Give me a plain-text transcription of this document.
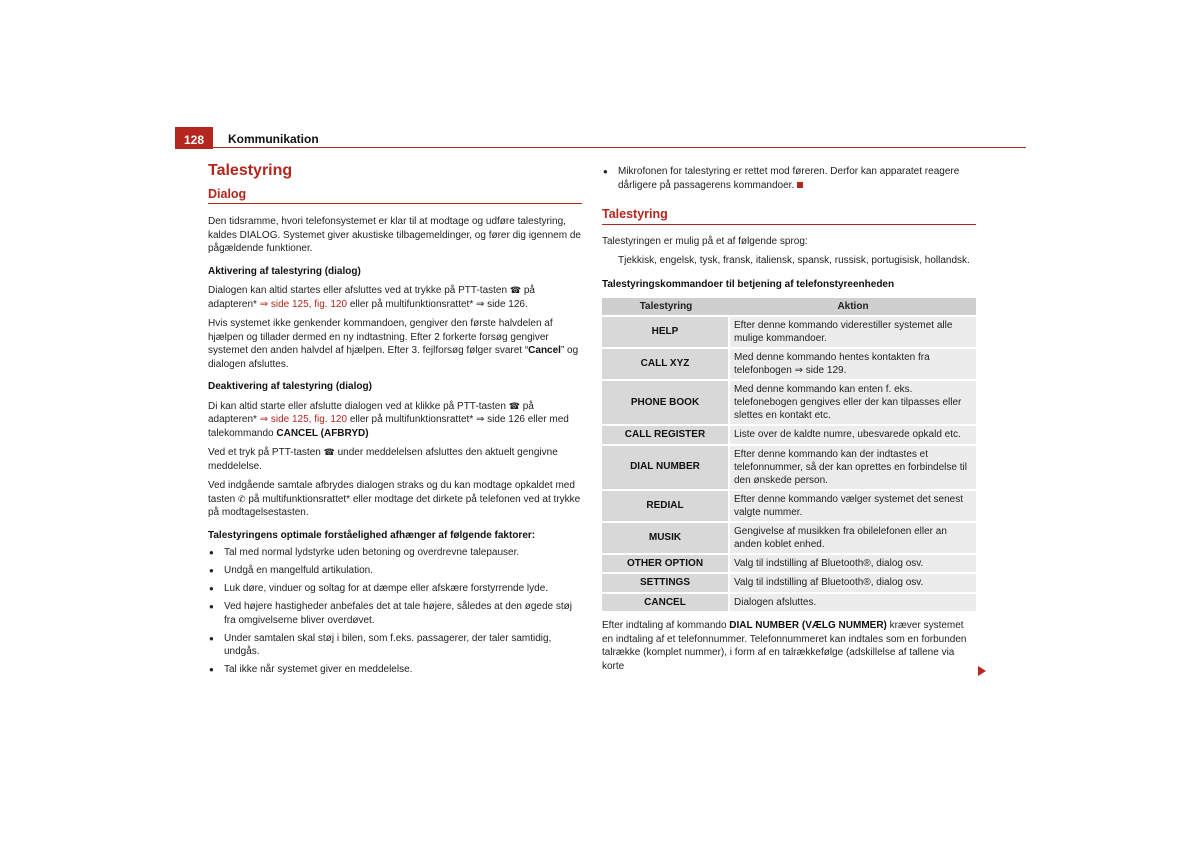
128	Kommunikation
Talestyring
Dialog

Den tidsramme, hvori telefonsystemet er klar til at modtage og udføre talestyring, kaldes DIALOG. Systemet giver akustiske tilbagemeldinger, og fører dig igennem de pågældende funktioner.

Aktivering af talestyring (dialog)

Dialogen kan altid startes eller afsluttes ved at trykke på PTT-tasten ☎ på adapteren* ⇒ side 125, fig. 120 eller på multifunktionsrattet* ⇒ side 126.

Hvis systemet ikke genkender kommandoen, gengiver den første halvdelen af hjælpen og tillader dermed en ny indtastning. Efter 2 forkerte forsøg gengiver systemet den anden halvdel af hjælpen. Efter 3. fejlforsøg følger svaret “Cancel” og dialogen afsluttes.

Deaktivering af talestyring (dialog)

Di kan altid starte eller afslutte dialogen ved at klikke på PTT-tasten ☎ på adapteren* ⇒ side 125, fig. 120 eller på multifunktionsrattet* ⇒ side 126 eller med talekommando CANCEL (AFBRYD)

Ved et tryk på PTT-tasten ☎ under meddelelsen afsluttes den aktuelt gengivne meddelelse.

Ved indgående samtale afbrydes dialogen straks og du kan modtage opkaldet med tasten ✆ på multifunktionsrattet* eller modtage det dirkete på telefonen ved at trykke på modtagelsestasten.

Talestyringens optimale forståelighed afhænger af følgende faktorer:

● Tal med normal lydstyrke uden betoning og overdrevne talepauser.
● Undgå en mangelfuld artikulation.
● Luk døre, vinduer og soltag for at dæmpe eller afskære forstyrrende lyde.
● Ved højere hastigheder anbefales det at tale højere, således at den øgede støj fra omgivelserne bliver overdøvet.
● Under samtalen skal støj i bilen, som f.eks. passagerer, der taler samtidig, undgås.
● Tal ikke når systemet giver en meddelelse.
● Mikrofonen for talestyring er rettet mod føreren. Derfor kan apparatet reagere dårligere på passagerens kommandoer.
Talestyring

Talestyringen er mulig på et af følgende sprog:

Tjekkisk, engelsk, tysk, fransk, italiensk, spansk, russisk, portugisisk, hollandsk.

Talestyringskommandoer til betjening af telefonstyreenheden

Talestyring	Aktion
HELP	Efter denne kommando viderestiller systemet alle mulige kommandoer.
CALL XYZ	Med denne kommando hentes kontakten fra telefonbogen ⇒ side 129.
PHONE BOOK	Med denne kommando kan enten f. eks. telefonebogen gengives eller der kan tilpasses eller slettes en kontakt etc.
CALL REGISTER	Liste over de kaldte numre, ubesvarede opkald etc.
DIAL NUMBER	Efter denne kommando kan der indtastes et telefonnummer, så der kan oprettes en forbindelse til den ønskede person.
REDIAL	Efter denne kommando vælger systemet det senest valgte nummer.
MUSIK	Gengivelse af musikken fra obilelefonen eller an anden koblet enhed.
OTHER OPTION	Valg til indstilling af Bluetooth®, dialog osv.
SETTINGS	Valg til indstilling af Bluetooth®, dialog osv.
CANCEL	Dialogen afsluttes.

Efter indtaling af kommando DIAL NUMBER (VÆLG NUMMER) kræver systemet en indtaling af et telefonnummer. Telefonnummeret kan indtales som en forbunden talrække (komplet nummer), i form af en talrækkefølge (adskillelse af tallene via korte
